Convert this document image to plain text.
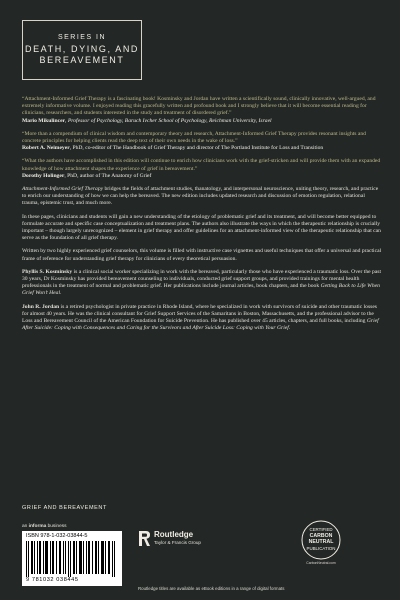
SERIES IN
DEATH, DYING, AND
BEREAVEMENT
“Attachment-Informed Grief Therapy is a fascinating book! Kosminsky and Jordan have written a scientifically sound, clinically innovative, well-argued, and extremely informative volume. I enjoyed reading this gracefully written and profound book and I strongly believe that it will become essential reading for clinicians, researchers, and students interested in the study and treatment of disordered grief.”
Mario Mikulincer, Professor of Psychology, Baruch Ivcher School of Psychology, Reichman University, Israel
“More than a compendium of clinical wisdom and contemporary theory and research, Attachment-Informed Grief Therapy provides resonant insights and concrete principles for helping clients read the deep text of their own needs in the wake of loss.”
Robert A. Neimeyer, PhD, co-editor of The Handbook of Grief Therapy and director of The Portland Institute for Loss and Transition
“What the authors have accomplished in this edition will continue to enrich how clinicians work with the grief-stricken and will provide them with an expanded knowledge of how attachment shapes the experience of grief in bereavement.”
Dorothy Holinger, PhD, author of The Anatomy of Grief
Attachment-Informed Grief Therapy bridges the fields of attachment studies, thanatology, and interpersonal neuroscience, uniting theory, research, and practice to enrich our understanding of how we can help the bereaved. The new edition includes updated research and discussion of emotion regulation, relational trauma, epistemic trust, and much more.
In these pages, clinicians and students will gain a new understanding of the etiology of problematic grief and its treatment, and will become better equipped to formulate accurate and specific case conceptualization and treatment plans. The authors also illustrate the ways in which the therapeutic relationship is crucially important – though largely unrecognized – element in grief therapy and offer guidelines for an attachment-informed view of the therapeutic relationship that can serve as the foundation of all grief therapy.
Written by two highly experienced grief counselors, this volume is filled with instructive case vignettes and useful techniques that offer a universal and practical frame of reference for understanding grief therapy for clinicians of every theoretical persuasion.
Phyllis S. Kosminsky is a clinical social worker specializing in work with the bereaved, particularly those who have experienced a traumatic loss. Over the past 30 years, Dr Kosminsky has provided bereavement counseling to individuals, conducted grief support groups, and provided trainings for mental health professionals in the treatment of normal and problematic grief. Her publications include journal articles, book chapters, and the book Getting Back to Life When Grief Won’t Heal.
John R. Jordan is a retired psychologist in private practice in Rhode Island, where he specialized in work with survivors of suicide and other traumatic losses for almost 40 years. He was the clinical consultant for Grief Support Services of the Samaritans in Boston, Massachusetts, and the professional advisor to the Loss and Bereavement Council of the American Foundation for Suicide Prevention. He has published over 45 articles, chapters, and full books, including Grief After Suicide: Coping with Consequences and Caring for the Survivors and After Suicide Loss: Coping with Your Grief.
GRIEF AND BEREAVEMENT
an informa business
ISBN 978-1-032-03844-5
9 781032 038445
Routledge
Taylor & Francis Group
CERTIFIED
CARBON
NEUTRAL
PUBLICATION
CarbonNeutral.com
Routledge titles are available as eBook editions in a range of digital formats
